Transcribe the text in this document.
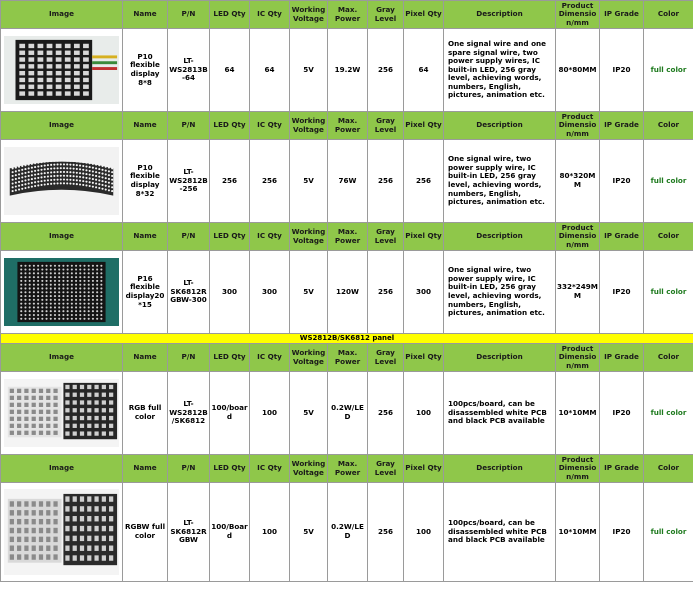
Image	Name	P/N	LED Qty	IC Qty	Working Voltage	Max. Power	Gray Level	Pixel Qty	Description	Product Dimension/mm	IP Grade	Color

	P10 flexible display 8*8	LT-WS2813B-64	64	64	5V	19.2W	256	64	One signal wire and one spare signal wire, two power supply wires, IC built-in LED, 256 gray level, achieving words, numbers, English, pictures, animation etc.	80*80MM	IP20	full color
Image	Name	P/N	LED Qty	IC Qty	Working Voltage	Max. Power	Gray Level	Pixel Qty	Description	Product Dimension/mm	IP Grade	Color

	P10 flexible display 8*32	LT-WS2812B-256	256	256	5V	76W	256	256	One signal wire, two power supply wire, IC built-in LED, 256 gray level, achieving words, numbers, English, pictures, animation etc.	80*320MM	IP20	full color
Image	Name	P/N	LED Qty	IC Qty	Working Voltage	Max. Power	Gray Level	Pixel Qty	Description	Product Dimension/mm	IP Grade	Color

	P16 flexible display20*15	LT-SK6812RGBW-300	300	300	5V	120W	256	300	One signal wire, two power supply wire, IC built-in LED, 256 gray level, achieving words, numbers, English, pictures, animation etc.	332*249MM	IP20	full color
WS2812B/SK6812 panel												
Image	Name	P/N	LED Qty	IC Qty	Working Voltage	Max. Power	Gray Level	Pixel Qty	Description	Product Dimension/mm	IP Grade	Color

	RGB full color	LT-WS2812B/SK6812	100/board	100	5V	0.2W/LED	256	100	100pcs/board, can be disassembled white PCB and black PCB available	10*10MM	IP20	full color
Image	Name	P/N	LED Qty	IC Qty	Working Voltage	Max. Power	Gray Level	Pixel Qty	Description	Product Dimension/mm	IP Grade	Color

	RGBW full color	LT-SK6812RGBW	100/Board	100	5V	0.2W/LED	256	100	100pcs/board, can be disassembled white PCB and black PCB available	10*10MM	IP20	full color
